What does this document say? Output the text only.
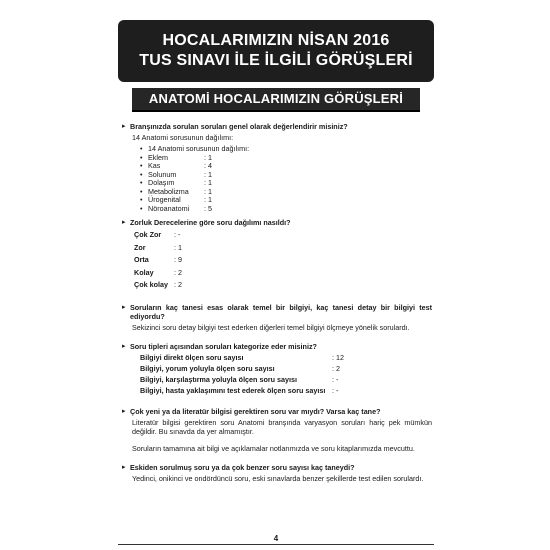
HOCALARIMIZIN NİSAN 2016
TUS SINAVI İLE İLGİLİ GÖRÜŞLERİ
ANATOMİ HOCALARIMIZIN GÖRÜŞLERİ
▸ Branşınızda sorulan soruları genel olarak değerlendirir misiniz?
14 Anatomi sorusunun dağılımı:
• 14 Anatomi sorusunun dağılımı:
• Eklem	: 1
• Kas	: 4
• Solunum	: 1
• Dolaşım	: 1
• Metabolizma	: 1
• Ürogenital	: 1
• Nöroanatomi	: 5
▸ Zorluk Derecelerine göre soru dağılımı nasıldı?
Çok Zor	: -
Zor	: 1
Orta	: 9
Kolay	: 2
Çok kolay : 2
▸ Soruların kaç tanesi esas olarak temel bir bilgiyi, kaç tanesi detay bir bilgiyi test ediyordu?
Sekizinci soru detay bilgiyi test ederken diğerleri temel bilgiyi ölçmeye yönelik sorulardı.
▸ Soru tipleri açısından soruları kategorize eder misiniz?
Bilgiyi direkt ölçen soru sayısı	: 12
Bilgiyi, yorum yoluyla ölçen soru sayısı	: 2
Bilgiyi, karşılaştırma yoluyla ölçen soru sayısı	: -
Bilgiyi, hasta yaklaşımını test ederek ölçen soru sayısı : -
▸ Çok yeni ya da literatür bilgisi gerektiren soru var mıydı? Varsa kaç tane?
Literatür bilgisi gerektiren soru Anatomi branşında varyasyon soruları hariç pek mümkün değildir. Bu sınavda da yer almamıştır.
Soruların tamamına ait bilgi ve açıklamalar notlarımızda ve soru kitaplarımızda mevcuttu.
▸ Eskiden sorulmuş soru ya da çok benzer soru sayısı kaç taneydi?
Yedinci, onikinci ve ondördüncü soru, eski sınavlarda benzer şekillerde test edilen sorulardı.
4
